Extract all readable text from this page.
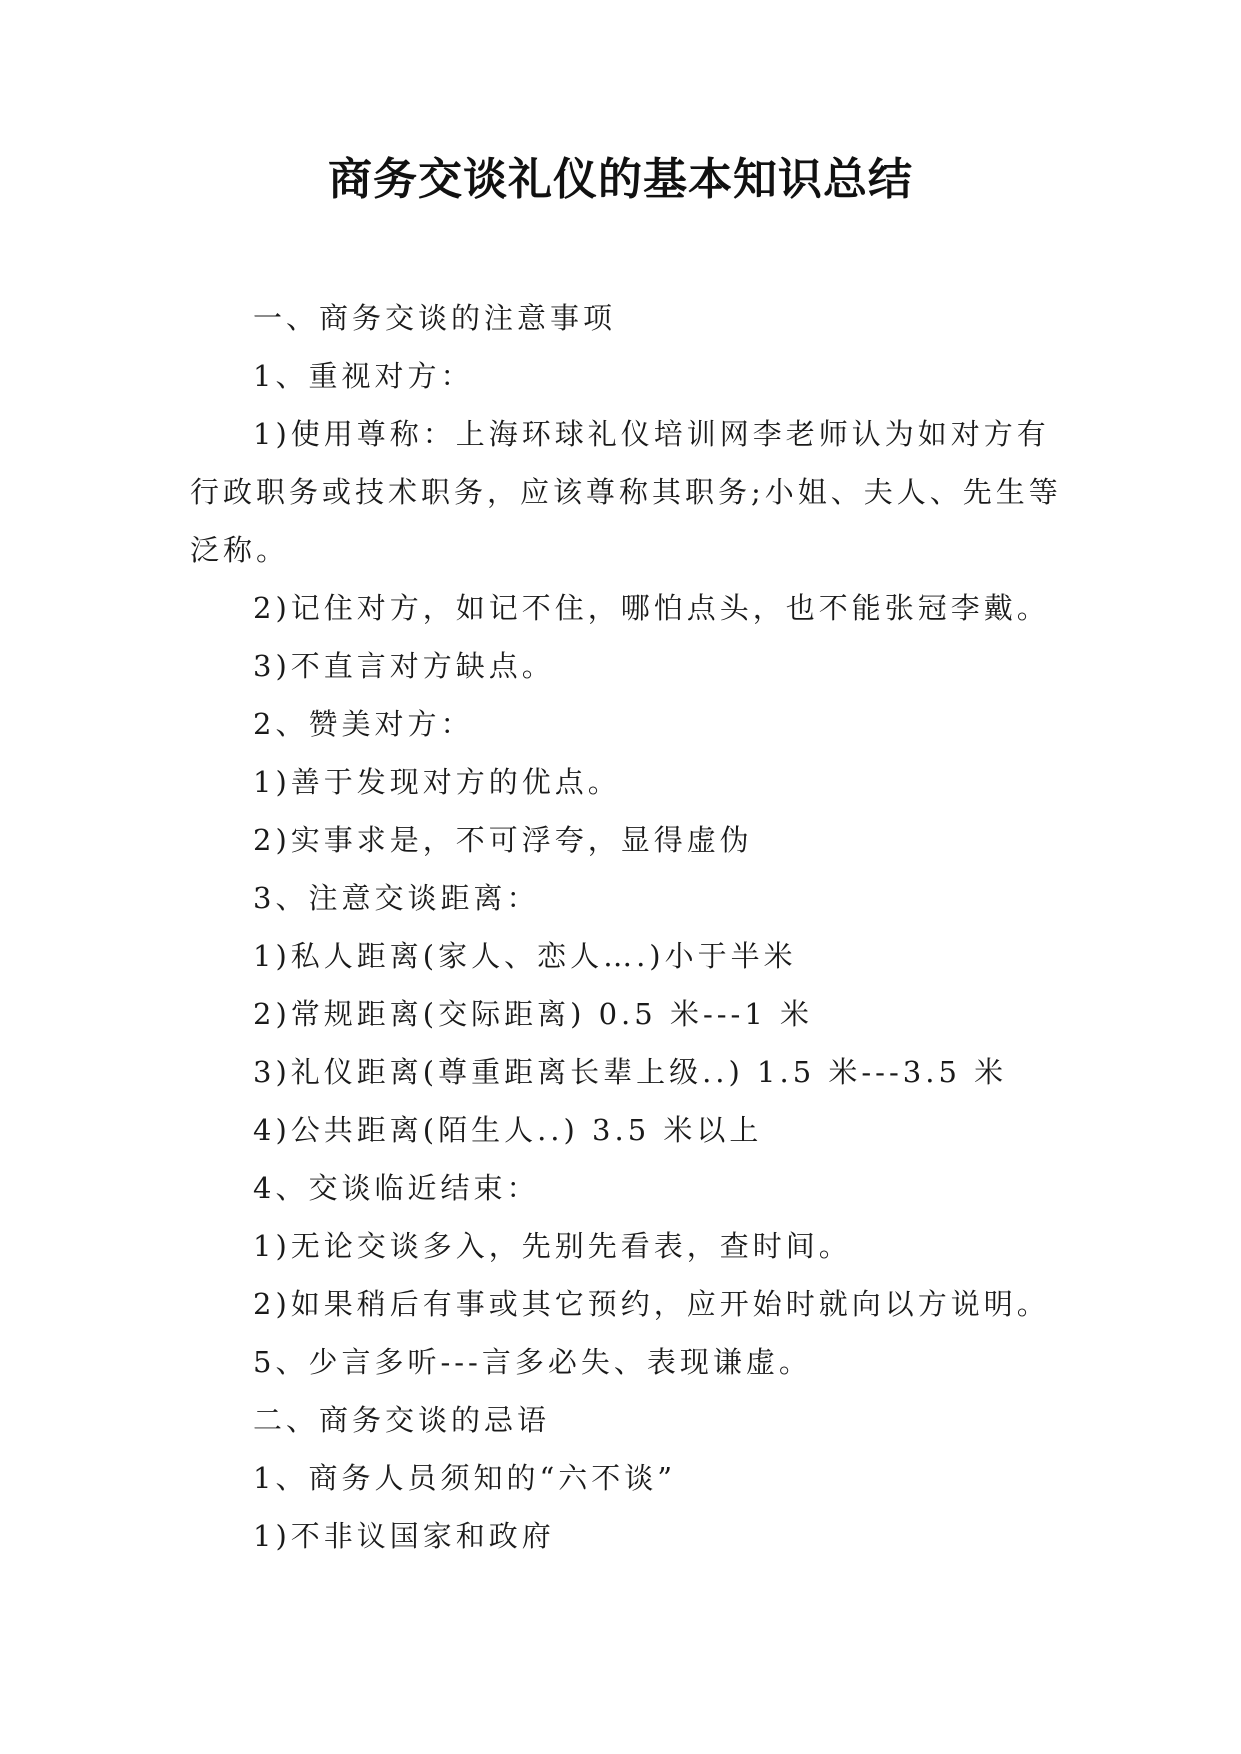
商务交谈礼仪的基本知识总结

一、商务交谈的注意事项

1、重视对方：

1)使用尊称：上海环球礼仪培训网李老师认为如对方有行政职务或技术职务，应该尊称其职务;小姐、夫人、先生等泛称。

2)记住对方，如记不住，哪怕点头，也不能张冠李戴。

3)不直言对方缺点。

2、赞美对方：

1)善于发现对方的优点。

2)实事求是，不可浮夸，显得虚伪

3、注意交谈距离：

1)私人距离(家人、恋人….)小于半米

2)常规距离(交际距离) 0.5 米---1 米

3)礼仪距离(尊重距离长辈上级..) 1.5 米---3.5 米

4)公共距离(陌生人..) 3.5 米以上

4、交谈临近结束：

1)无论交谈多入，先别先看表，查时间。

2)如果稍后有事或其它预约，应开始时就向以方说明。

5、少言多听---言多必失、表现谦虚。

二、商务交谈的忌语

1、商务人员须知的“六不谈”

1)不非议国家和政府
